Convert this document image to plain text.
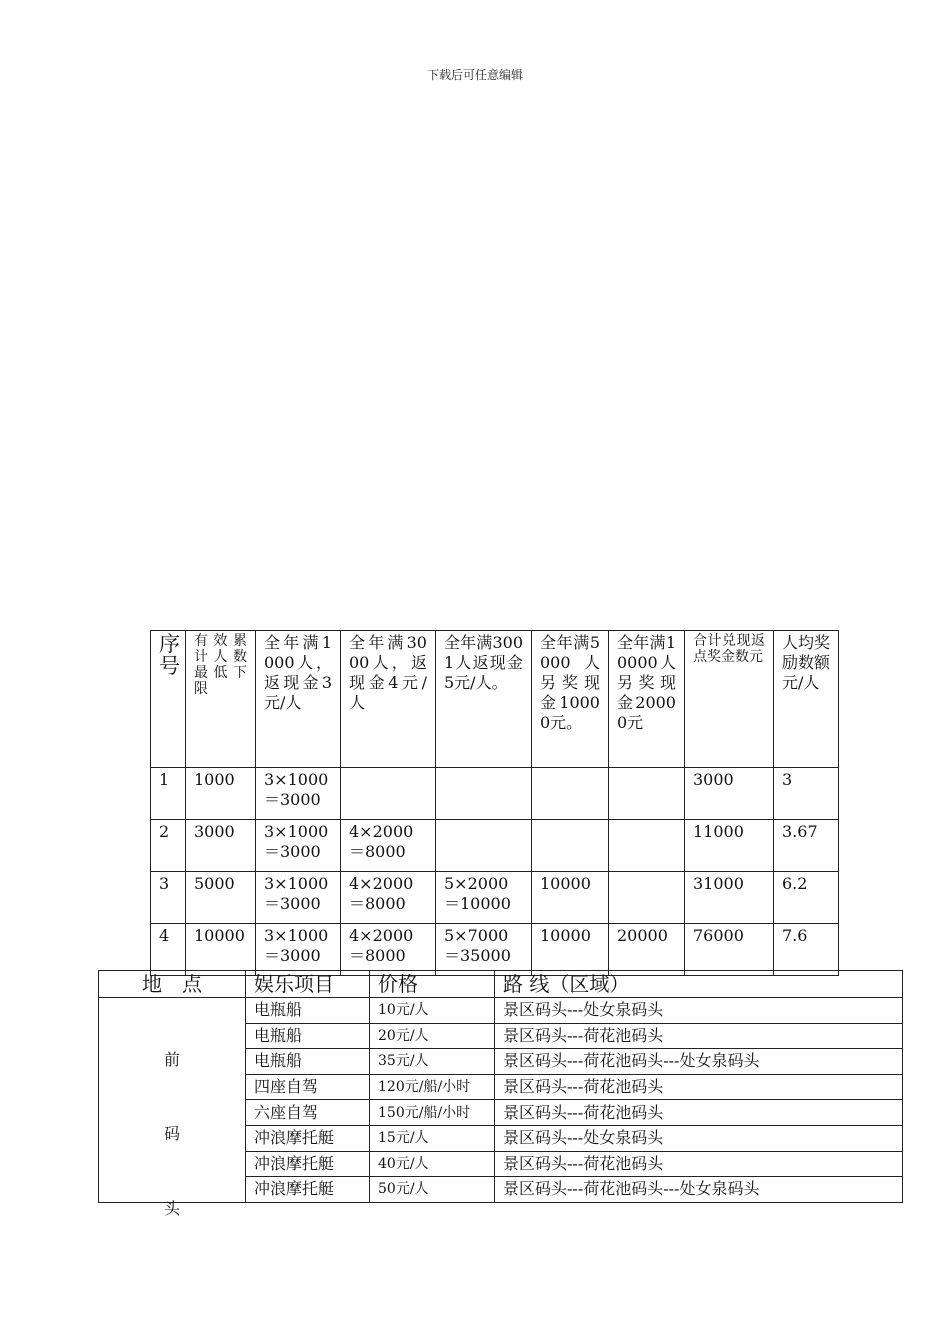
下载后可任意编辑
序号	有效累计人数最低下限	全年满1000人，返现金3元/人	全年满3000人，返现金4元/人	全年满3001人返现金5元/人。	全年满5000人另奖现金10000元。	全年满10000人另奖现金20000元	合计兑现返点奖金数元	人均奖励数额元/人

1	1000	3×1000＝3000					3000	3
2	3000	3×1000＝3000	4×2000＝8000				11000	3.67
3	5000	3×1000＝3000	4×2000＝8000	5×2000＝10000	10000		31000	6.2
4	10000	3×1000＝3000	4×2000＝8000	5×7000＝35000	10000	20000	76000	7.6
地　点	娱乐项目	价格	路 线（区域）

前
码
头	电瓶船	10元/人	景区码头---处女泉码头
	电瓶船	20元/人	景区码头---荷花池码头
	电瓶船	35元/人	景区码头---荷花池码头---处女泉码头
	四座自驾	120元/船/小时	景区码头---荷花池码头
	六座自驾	150元/船/小时	景区码头---荷花池码头
	冲浪摩托艇	15元/人	景区码头---处女泉码头
	冲浪摩托艇	40元/人	景区码头---荷花池码头
	冲浪摩托艇	50元/人	景区码头---荷花池码头---处女泉码头
